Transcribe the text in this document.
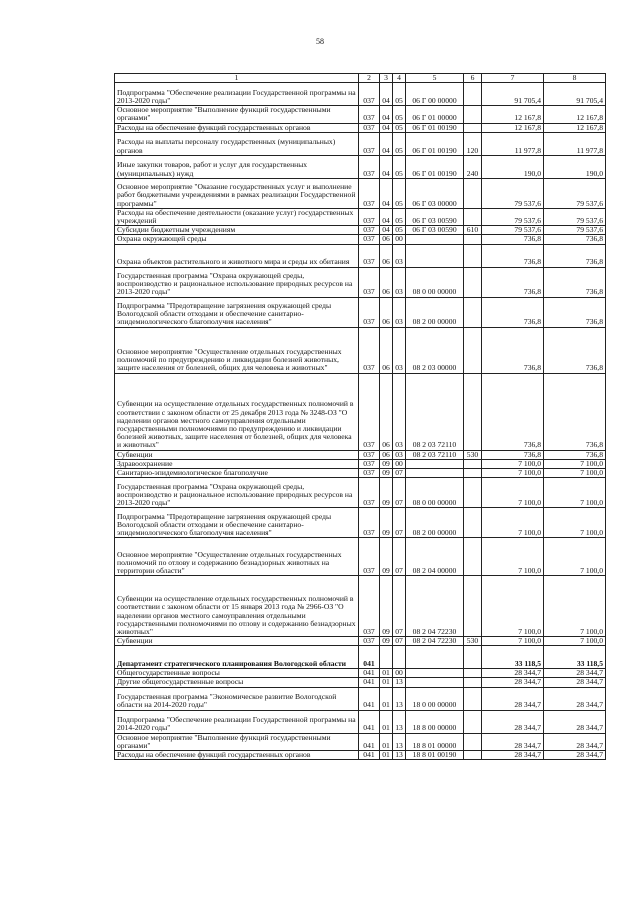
58
1	2	3	4	5	6	7	8
Подпрограмма "Обеспечение реализации Государственной программы на 2013-2020 годы"	037	04	05	06 Г 00 00000		91 705,4	91 705,4
Основное мероприятие "Выполнение функций государственными органами"	037	04	05	06 Г 01 00000		12 167,8	12 167,8
Расходы на обеспечение функций государственных органов	037	04	05	06 Г 01 00190		12 167,8	12 167,8
Расходы на выплаты персоналу государственных (муниципальных) органов	037	04	05	06 Г 01 00190	120	11 977,8	11 977,8
Иные закупки товаров, работ и услуг для государственных (муниципальных) нужд	037	04	05	06 Г 01 00190	240	190,0	190,0
Основное мероприятие "Оказание государственных услуг и выполнение работ бюджетными учреждениями в рамках реализации Государственной программы"	037	04	05	06 Г 03 00000		79 537,6	79 537,6
Расходы на обеспечение деятельности (оказание услуг) государственных учреждений	037	04	05	06 Г 03 00590		79 537,6	79 537,6
Субсидии бюджетным учреждениям	037	04	05	06 Г 03 00590	610	79 537,6	79 537,6
Охрана окружающей среды	037	06	00			736,8	736,8
Охрана объектов растительного и животного мира и среды их обитания	037	06	03			736,8	736,8
Государственная программа "Охрана окружающей среды, воспроизводство и рациональное использование природных ресурсов на 2013-2020 годы"	037	06	03	08 0 00 00000		736,8	736,8
Подпрограмма "Предотвращение загрязнения окружающей среды Вологодской области отходами и обеспечение санитарно-эпидемиологического благополучия населения"	037	06	03	08 2 00 00000		736,8	736,8
Основное мероприятие "Осуществление отдельных государственных полномочий по предупреждению и ликвидации болезней животных, защите населения от болезней, общих для человека и животных"	037	06	03	08 2 03 00000		736,8	736,8
Субвенции на осуществление отдельных государственных полномочий в соответствии с законом области от 25 декабря 2013 года № 3248-ОЗ "О наделении органов местного самоуправления отдельными государственными полномочиями по предупреждению и ликвидации болезней животных, защите населения от болезней, общих для человека и животных"	037	06	03	08 2 03 72110		736,8	736,8
Субвенции	037	06	03	08 2 03 72110	530	736,8	736,8
Здравоохранение	037	09	00			7 100,0	7 100,0
Санитарно-эпидемиологическое благополучие	037	09	07			7 100,0	7 100,0
Государственная программа "Охрана окружающей среды, воспроизводство и рациональное использование природных ресурсов на 2013-2020 годы"	037	09	07	08 0 00 00000		7 100,0	7 100,0
Подпрограмма "Предотвращение загрязнения окружающей среды Вологодской области отходами и обеспечение санитарно-эпидемиологического благополучия населения"	037	09	07	08 2 00 00000		7 100,0	7 100,0
Основное мероприятие "Осуществление отдельных государственных полномочий по отлову и содержанию безнадзорных животных на территории области"	037	09	07	08 2 04 00000		7 100,0	7 100,0
Субвенции на осуществление отдельных государственных полномочий в соответствии с законом области от 15 января 2013 года № 2966-ОЗ "О наделении органов местного самоуправления отдельными государственными полномочиями по отлову и содержанию безнадзорных животных"	037	09	07	08 2 04 72230		7 100,0	7 100,0
Субвенции	037	09	07	08 2 04 72230	530	7 100,0	7 100,0
Департамент стратегического планирования Вологодской области	041					33 118,5	33 118,5
Общегосударственные вопросы	041	01	00			28 344,7	28 344,7
Другие общегосударственные вопросы	041	01	13			28 344,7	28 344,7
Государственная программа "Экономическое развитие Вологодской области на 2014-2020 годы"	041	01	13	18 0 00 00000		28 344,7	28 344,7
Подпрограмма "Обеспечение реализации Государственной программы на 2014-2020 годы"	041	01	13	18 8 00 00000		28 344,7	28 344,7
Основное мероприятие "Выполнение функций государственными органами"	041	01	13	18 8 01 00000		28 344,7	28 344,7
Расходы на обеспечение функций государственных органов	041	01	13	18 8 01 00190		28 344,7	28 344,7
